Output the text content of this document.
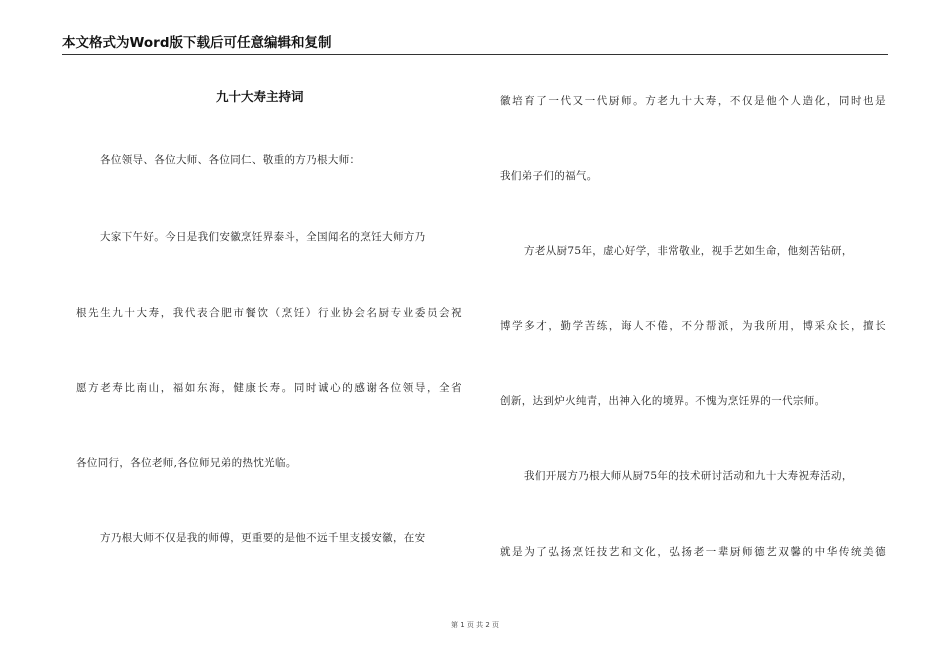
本文格式为Word版下载后可任意编辑和复制
九十大寿主持词
各位领导、各位大师、各位同仁、敬重的方乃根大师：
大家下午好。今日是我们安徽烹饪界泰斗，全国闻名的烹饪大师方乃
根先生九十大寿，我代表合肥市餐饮（烹饪）行业协会名厨专业委员会祝
愿方老寿比南山，福如东海，健康长寿。同时诚心的感谢各位领导，全省
各位同行，各位老师,各位师兄弟的热忱光临。
方乃根大师不仅是我的师傅，更重要的是他不远千里支援安徽，在安
徽培育了一代又一代厨师。方老九十大寿，不仅是他个人造化，同时也是
我们弟子们的福气。
方老从厨75年，虚心好学，非常敬业，视手艺如生命，他刻苦钻研，
博学多才，勤学苦练，诲人不倦，不分帮派，为我所用，博采众长，擅长
创新，达到炉火纯青，出神入化的境界。不愧为烹饪界的一代宗师。
我们开展方乃根大师从厨75年的技术研讨活动和九十大寿祝寿活动，
就是为了弘扬烹饪技艺和文化，弘扬老一辈厨师德艺双馨的中华传统美德
第 1 页 共 2 页
